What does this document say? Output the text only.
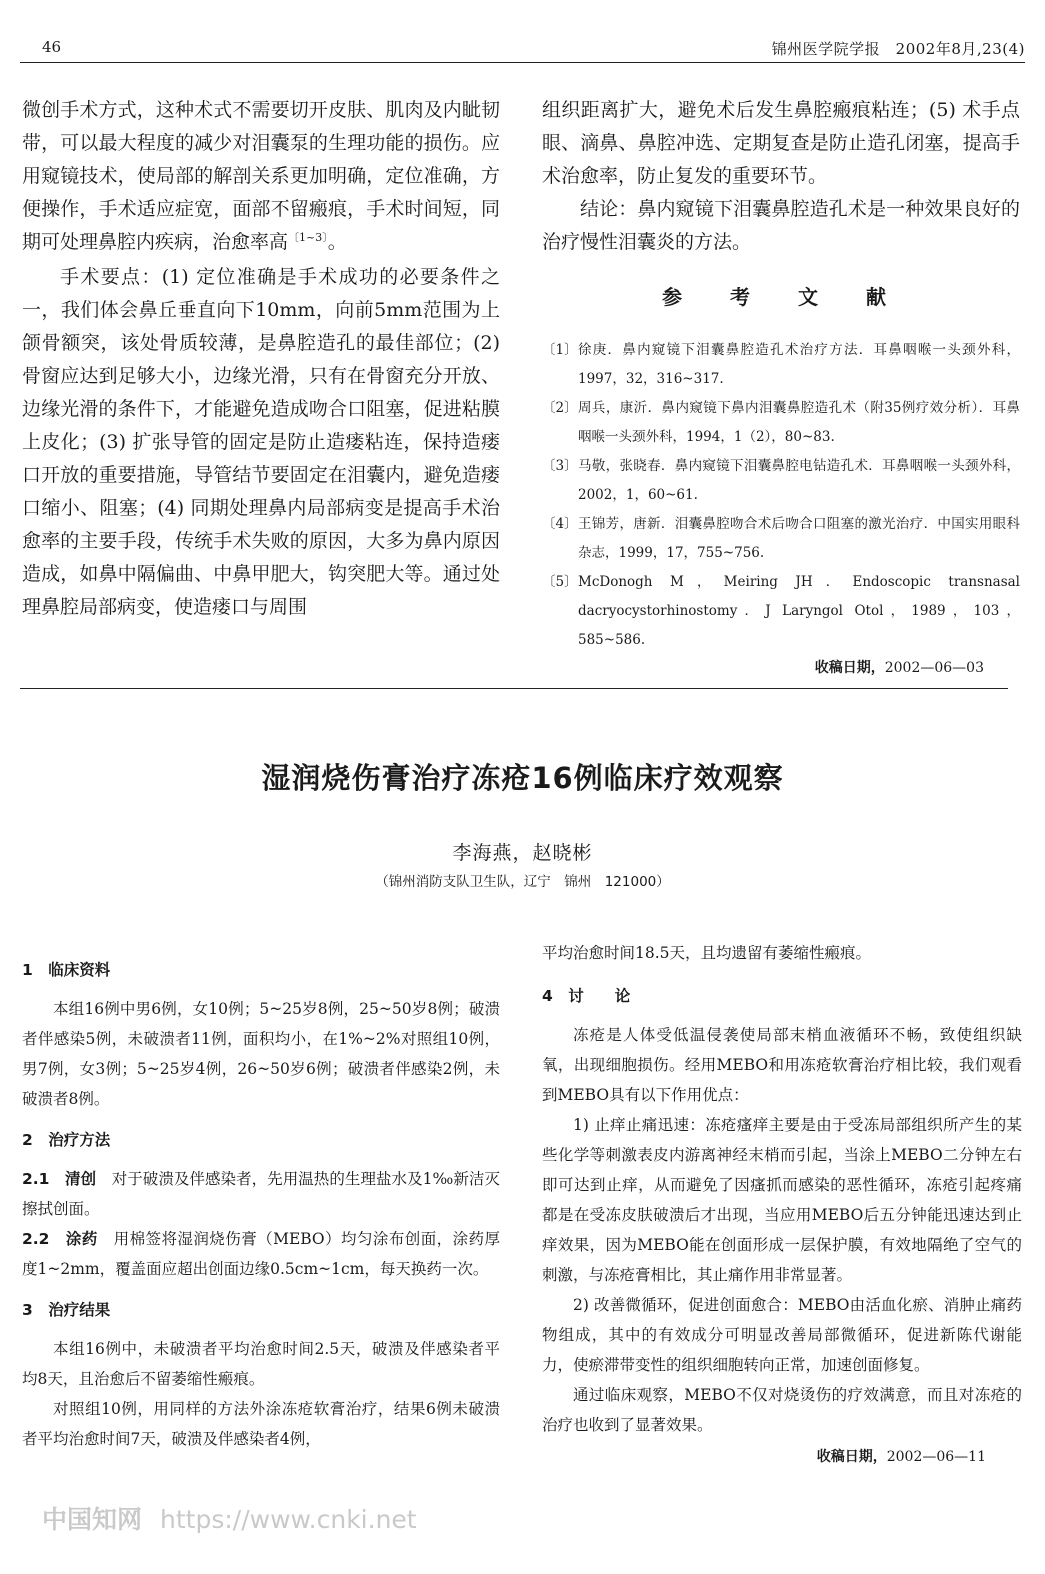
46	锦州医学院学报　2002年8月,23(4)

微创手术方式，这种术式不需要切开皮肤、肌肉及内眦韧带，可以最大程度的减少对泪囊泵的生理功能的损伤。应用窥镜技术，使局部的解剖关系更加明确，定位准确，方便操作，手术适应症宽，面部不留瘢痕，手术时间短，同期可处理鼻腔内疾病，治愈率高$^{〔1\sim 3〕}$。

手术要点：(1) 定位准确是手术成功的必要条件之一，我们体会鼻丘垂直向下10mm，向前5mm范围为上颌骨额突，该处骨质较薄，是鼻腔造孔的最佳部位；(2) 骨窗应达到足够大小，边缘光滑，只有在骨窗充分开放、边缘光滑的条件下，才能避免造成吻合口阻塞，促进粘膜上皮化；(3) 扩张导管的固定是防止造瘘粘连，保持造瘘口开放的重要措施，导管结节要固定在泪囊内，避免造瘘口缩小、阻塞；(4) 同期处理鼻内局部病变是提高手术治愈率的主要手段，传统手术失败的原因，大多为鼻内原因造成，如鼻中隔偏曲、中鼻甲肥大，钩突肥大等。通过处理鼻腔局部病变，使造瘘口与周围

组织距离扩大，避免术后发生鼻腔瘢痕粘连；(5) 术手点眼、滴鼻、鼻腔冲选、定期复查是防止造孔闭塞，提高手术治愈率，防止复发的重要环节。

结论：鼻内窥镜下泪囊鼻腔造孔术是一种效果良好的治疗慢性泪囊炎的方法。

参　考　文　献
〔1〕 徐庚．鼻内窥镜下泪囊鼻腔造孔术治疗方法．耳鼻咽喉一头颈外科，1997，32，316~317.
〔2〕 周兵，康沂．鼻内窥镜下鼻内泪囊鼻腔造孔术（附35例疗效分析）．耳鼻咽喉一头颈外科，1994，1（2），80~83.
〔3〕 马敬，张晓春．鼻内窥镜下泪囊鼻腔电钻造孔术．耳鼻咽喉一头颈外科，2002，1，60~61.
〔4〕 王锦芳，唐新．泪囊鼻腔吻合术后吻合口阻塞的激光治疗．中国实用眼科杂志，1999，17，755~756.
〔5〕 McDonogh M，Meiring JH．Endoscopic transnasal dacryocystorhinostomy．J Laryngol Otol，1989，103，585~586.
收稿日期，2002—06—03
湿润烧伤膏治疗冻疮16例临床疗效观察
李海燕，赵晓彬
（锦州消防支队卫生队，辽宁　锦州　121000）

1　临床资料

本组16例中男6例，女10例；5~25岁8例，25~50岁8例；破溃者伴感染5例，未破溃者11例，面积均小，在1%~2%对照组10例，男7例，女3例；5~25岁4例，26~50岁6例；破溃者伴感染2例，未破溃者8例。

2　治疗方法

2.1　清创　 对于破溃及伴感染者，先用温热的生理盐水及1‰新洁灭擦拭创面。

2.2　涂药　 用棉签将湿润烧伤膏（MEBO）均匀涂布创面，涂药厚度1~2mm，覆盖面应超出创面边缘0.5cm~1cm，每天换药一次。

3　治疗结果

本组16例中，未破溃者平均治愈时间2.5天，破溃及伴感染者平均8天，且治愈后不留萎缩性瘢痕。

对照组10例，用同样的方法外涂冻疮软膏治疗，结果6例未破溃者平均治愈时间7天，破溃及伴感染者4例，

平均治愈时间18.5天，且均遗留有萎缩性瘢痕。

4　讨　　论

冻疮是人体受低温侵袭使局部末梢血液循环不畅，致使组织缺氧，出现细胞损伤。经用MEBO和用冻疮软膏治疗相比较，我们观看到MEBO具有以下作用优点：

1) 止痒止痛迅速：冻疮瘙痒主要是由于受冻局部组织所产生的某些化学等刺激表皮内游离神经末梢而引起，当涂上MEBO二分钟左右即可达到止痒，从而避免了因瘙抓而感染的恶性循环，冻疮引起疼痛都是在受冻皮肤破溃后才出现，当应用MEBO后五分钟能迅速达到止痒效果，因为MEBO能在创面形成一层保护膜，有效地隔绝了空气的刺激，与冻疮膏相比，其止痛作用非常显著。

2) 改善微循环，促进创面愈合：MEBO由活血化瘀、消肿止痛药物组成，其中的有效成分可明显改善局部微循环，促进新陈代谢能力，使瘀滞带变性的组织细胞转向正常，加速创面修复。

通过临床观察，MEBO不仅对烧烫伤的疗效满意，而且对冻疮的治疗也收到了显著效果。

收稿日期，2002—06—11
中国知网 https://www.cnki.net
